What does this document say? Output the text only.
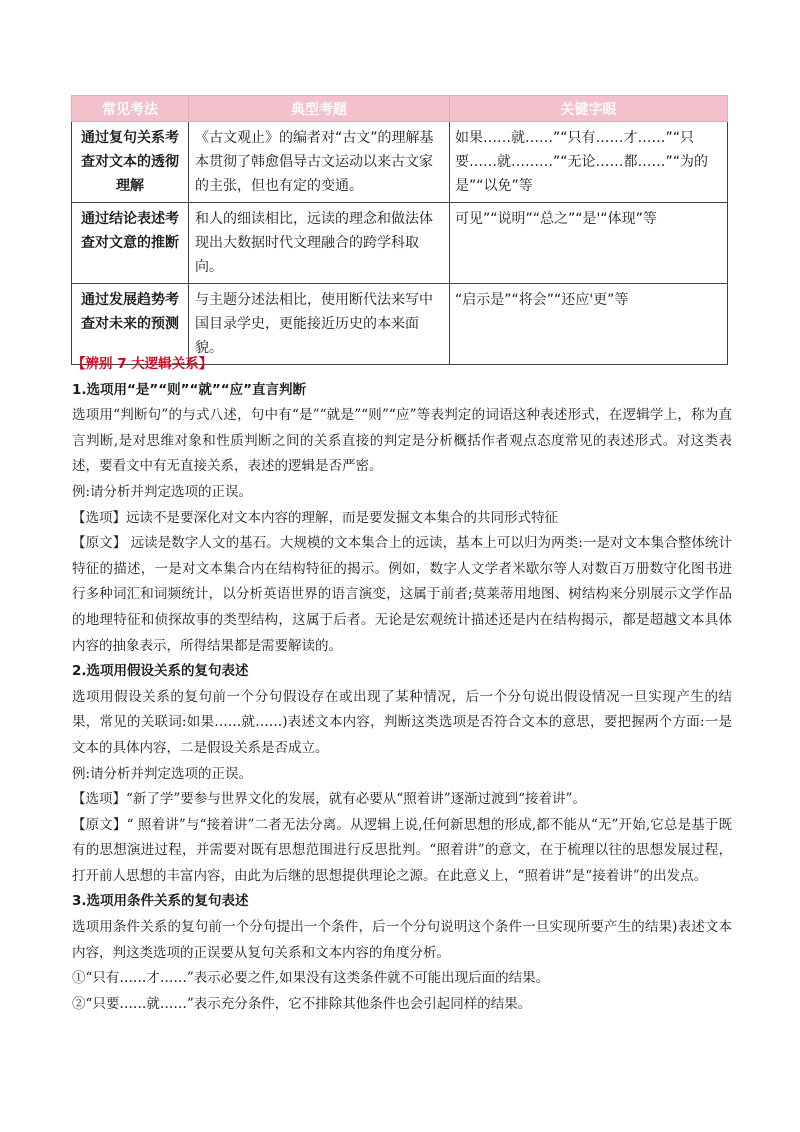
常见考法	典型考题	关键字眼
通过复句关系考查对文本的透彻理解	《古文观止》的编者对“古文”的理解基本贯彻了韩愈倡导古文运动以来古文家的主张，但也有定的变通。	如果……就……”“只有……才……”“只要……就………”“无论……都……”“为的是”“以免”等
通过结论表述考查对文意的推断	和人的细读相比，远读的理念和做法体现出大数据时代文理融合的跨学科取向。	可见”“说明”“总之”“是'“体现”等
通过发展趋势考查对未来的预测	与主题分述法相比，使用断代法来写中国目录学史，更能接近历史的本来面貌。	“启示是”“将会”“还应'更”等

【辨别 7 大逻辑关系】

1.选项用“是”“则”“就”“应”直言判断

选项用“判断句”的与式八述，句中有“是”“就是”“则”“应”等表判定的词语这种表述形式，在逻辑学上，称为直言判断,是对思维对象和性质判断之间的关系直接的判定是分析概括作者观点态度常见的表述形式。对这类表述，要看文中有无直接关系，表述的逻辑是否严密。

例:请分析并判定选项的正误。

【选项】远读不是要深化对文本内容的理解，而是要发掘文本集合的共同形式特征

【原文】 远读是数字人文的基石。大规模的文本集合上的远读，基本上可以归为两类:一是对文本集合整体统计特征的描述，一是对文本集合内在结构特征的揭示。例如，数字人文学者米歇尔等人对数百万册数守化图书进行多种词汇和词频统计，以分析英语世界的语言演变，这属于前者;莫莱蒂用地图、树结构来分别展示文学作品的地理特征和侦探故事的类型结构，这属于后者。无论是宏观统计描述还是内在结构揭示，都是超越文本具体内容的抽象表示，所得结果都是需要解读的。

2.选项用假设关系的复句表述

选项用假设关系的复句前一个分句假设存在或出现了某种情况，后一个分句说出假设情况一旦实现产生的结果，常见的关联词:如果……就……)表述文本内容，判断这类选项是否符合文本的意思，要把握两个方面:一是文本的具体内容，二是假设关系是否成立。

例:请分析并判定选项的正误。

【选项】“新了学”要参与世界文化的发展，就有必要从“照着讲”逐渐过渡到“接着讲”。

【原文】“ 照着讲”与“接着讲”二者无法分离。从逻辑上说,任何新思想的形成,都不能从“无”开始,它总是基于既有的思想演进过程，并需要对既有思想范围进行反思批判。“照着讲”的意文，在于梳理以往的思想发展过程，打开前人思想的丰富内容，由此为后继的思想提供理论之源。在此意义上，“照着讲”是“接着讲”的出发点。

3.选项用条件关系的复句表述

选项用条件关系的复句前一个分句提出一个条件，后一个分句说明这个条件一旦实现所要产生的结果)表述文本内容，判这类选项的正误要从复句关系和文本内容的角度分析。

①“只有……才……”表示必要之件,如果没有这类条件就不可能出现后面的结果。

②“只要……就……”表示充分条件，它不排除其他条件也会引起同样的结果。
